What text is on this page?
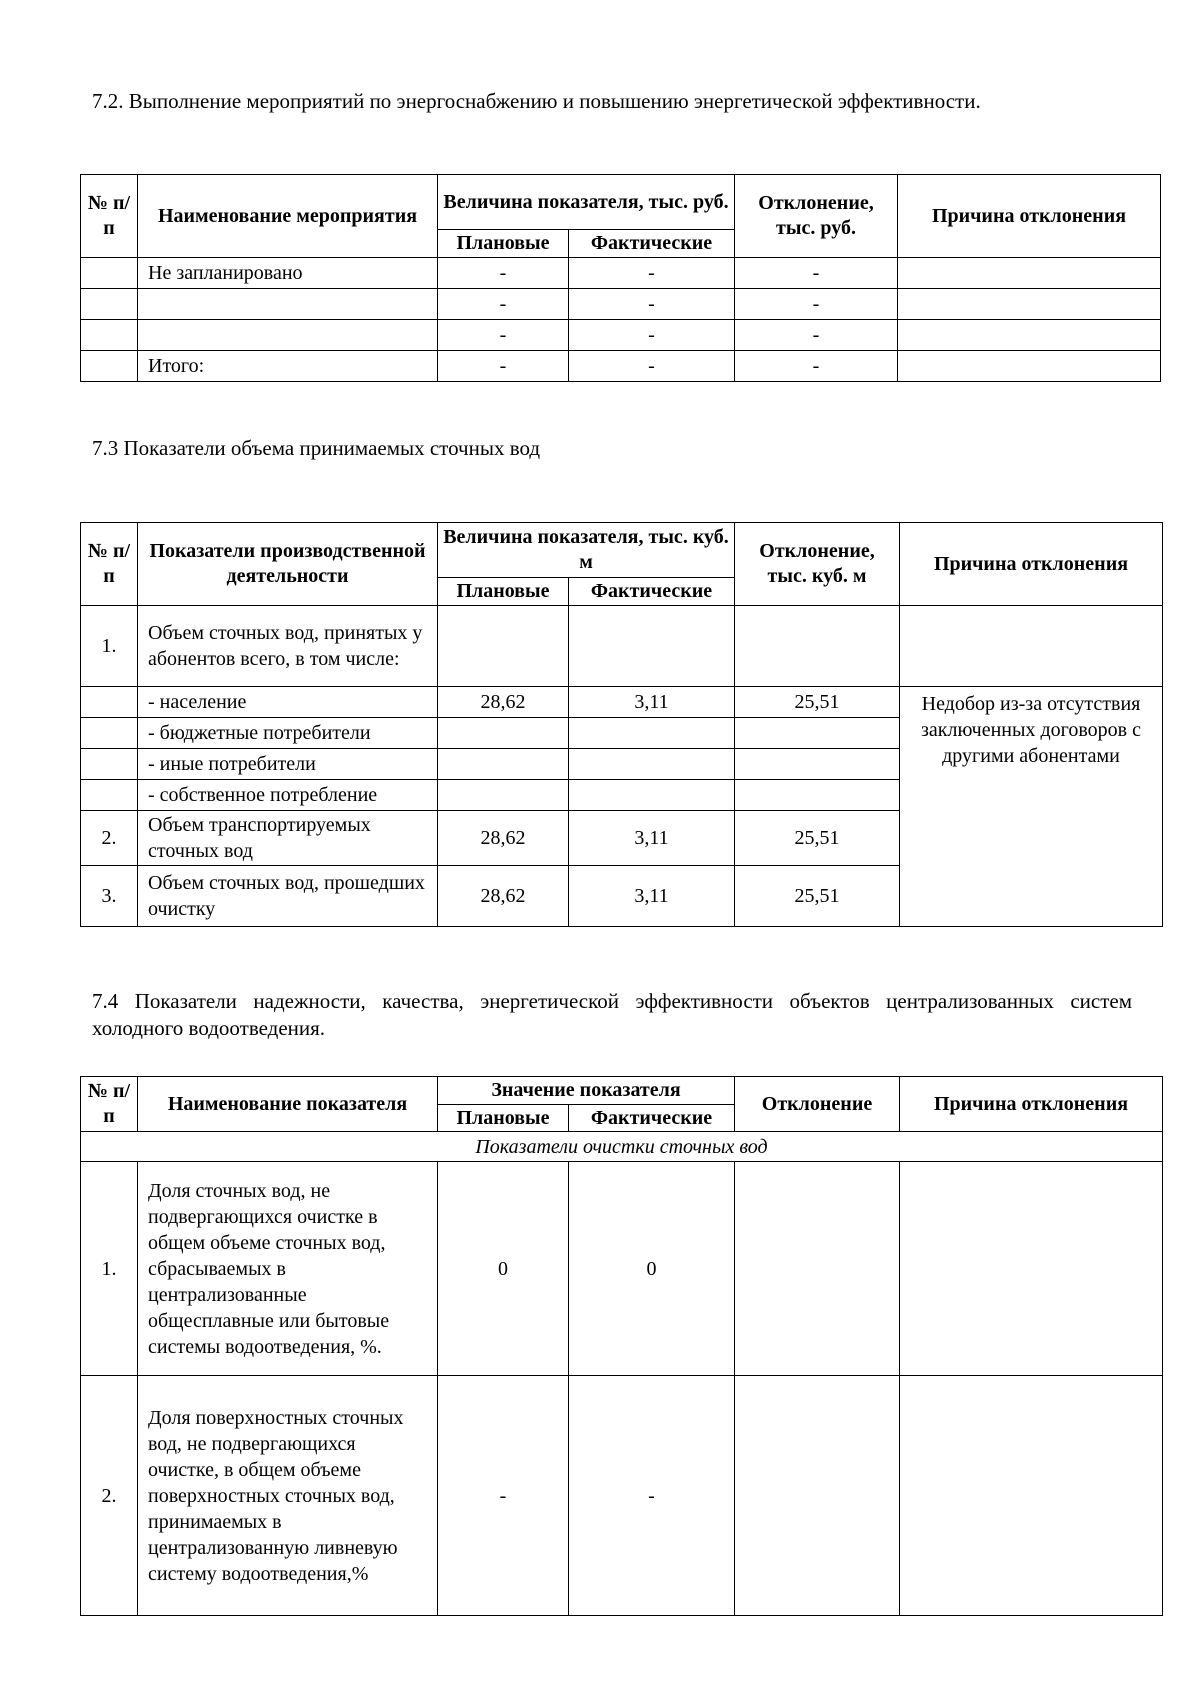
7.2. Выполнение мероприятий по энергоснабжению и повышению энергетической эффективности.

№ п/п	Наименование мероприятия	Величина показателя, тыс. руб.		Отклонение, тыс. руб.	Причина отклонения
		Плановые	Фактические		
	Не запланировано	-	-	-	
		-	-	-	
		-	-	-	
	Итого:	-	-	-	

7.3 Показатели объема принимаемых сточных вод

№ п/п	Показатели производственной деятельности	Величина показателя, тыс. куб. м		Отклонение, тыс. куб. м	Причина отклонения
		Плановые	Фактические		
1.	Объем сточных вод, принятых у абонентов всего, в том числе:				
	- население	28,62	3,11	25,51	Недобор из-за отсутствия заключенных договоров с другими абонентами
	- бюджетные потребители				
	- иные потребители				
	- собственное потребление				
2.	Объем транспортируемых сточных вод	28,62	3,11	25,51	
3.	Объем сточных вод, прошедших очистку	28,62	3,11	25,51	

7.4 Показатели надежности, качества, энергетической эффективности объектов централизованных систем холодного водоотведения.

№ п/п	Наименование показателя	Значение показателя		Отклонение	Причина отклонения
		Плановые	Фактические		
Показатели очистки сточных вод					
1.	Доля сточных вод, не подвергающихся очистке в общем объеме сточных вод, сбрасываемых в централизованные общесплавные или бытовые системы водоотведения, %.	0	0		
2.	Доля поверхностных сточных вод, не подвергающихся очистке, в общем объеме поверхностных сточных вод, принимаемых в централизованную ливневую систему водоотведения,%	-	-		
